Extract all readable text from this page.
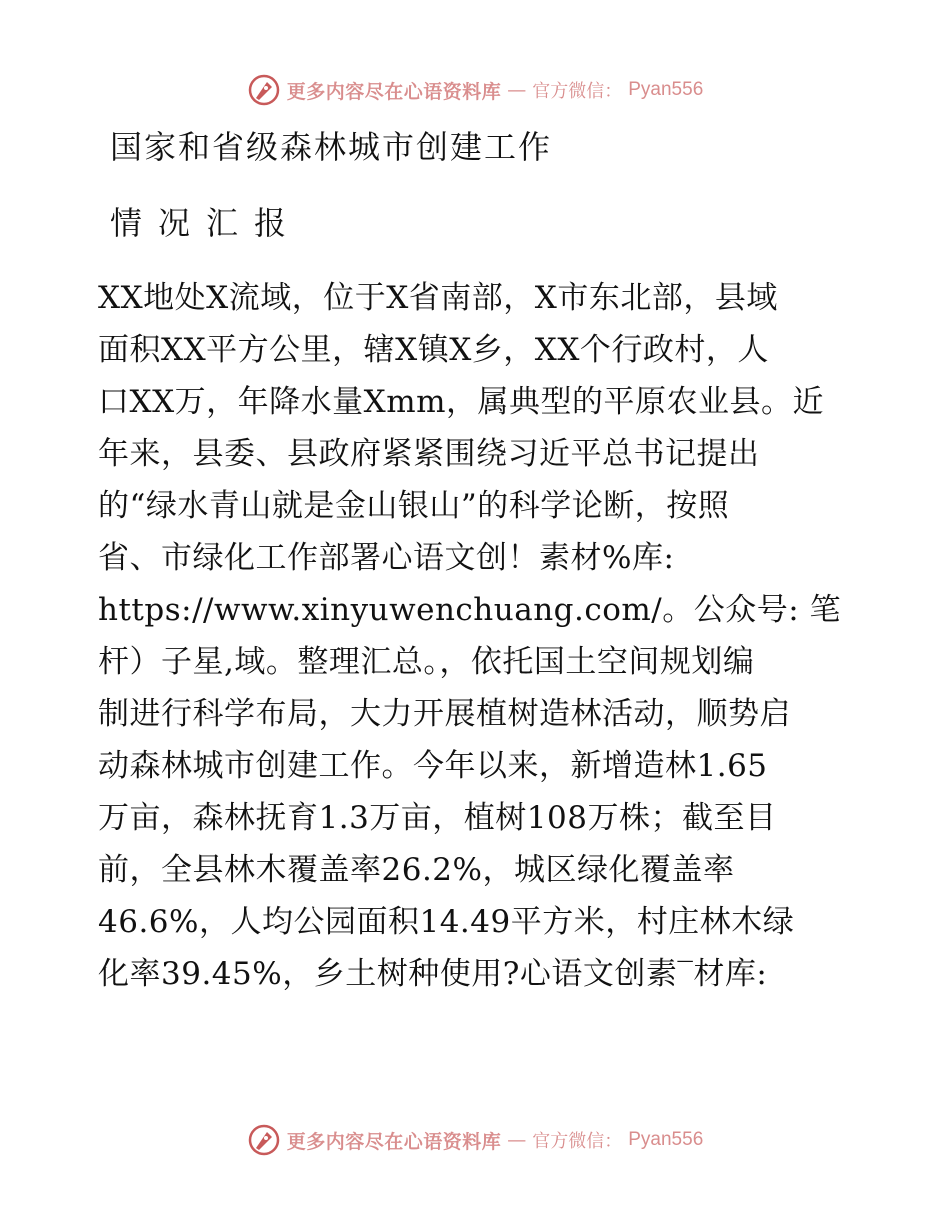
更多内容尽在心语资料库 — 官方微信： Pyan556
国家和省级森林城市创建工作
情况汇报
XX地处X流域，位于X省南部，X市东北部，县域
面积XX平方公里，辖X镇X乡，XX个行政村，人
口XX万，年降水量Xmm，属典型的平原农业县。近
年来，县委、县政府紧紧围绕习近平总书记提出
的“绿水青山就是金山银山”的科学论断，按照
省、市绿化工作部署心语文创！素材%库:
https://www.xinyuwenchuang.com/。公众号: 笔
杆）子星,域。整理汇总。，依托国土空间规划编
制进行科学布局，大力开展植树造林活动，顺势启
动森林城市创建工作。今年以来，新增造林1.65
万亩，森林抚育1.3万亩，植树108万株；截至目
前，全县林木覆盖率26.2%，城区绿化覆盖率
46.6%，人均公园面积14.49平方米，村庄林木绿
化率39.45%，乡土树种使用?心语文创素‾材库:
更多内容尽在心语资料库 — 官方微信： Pyan556
